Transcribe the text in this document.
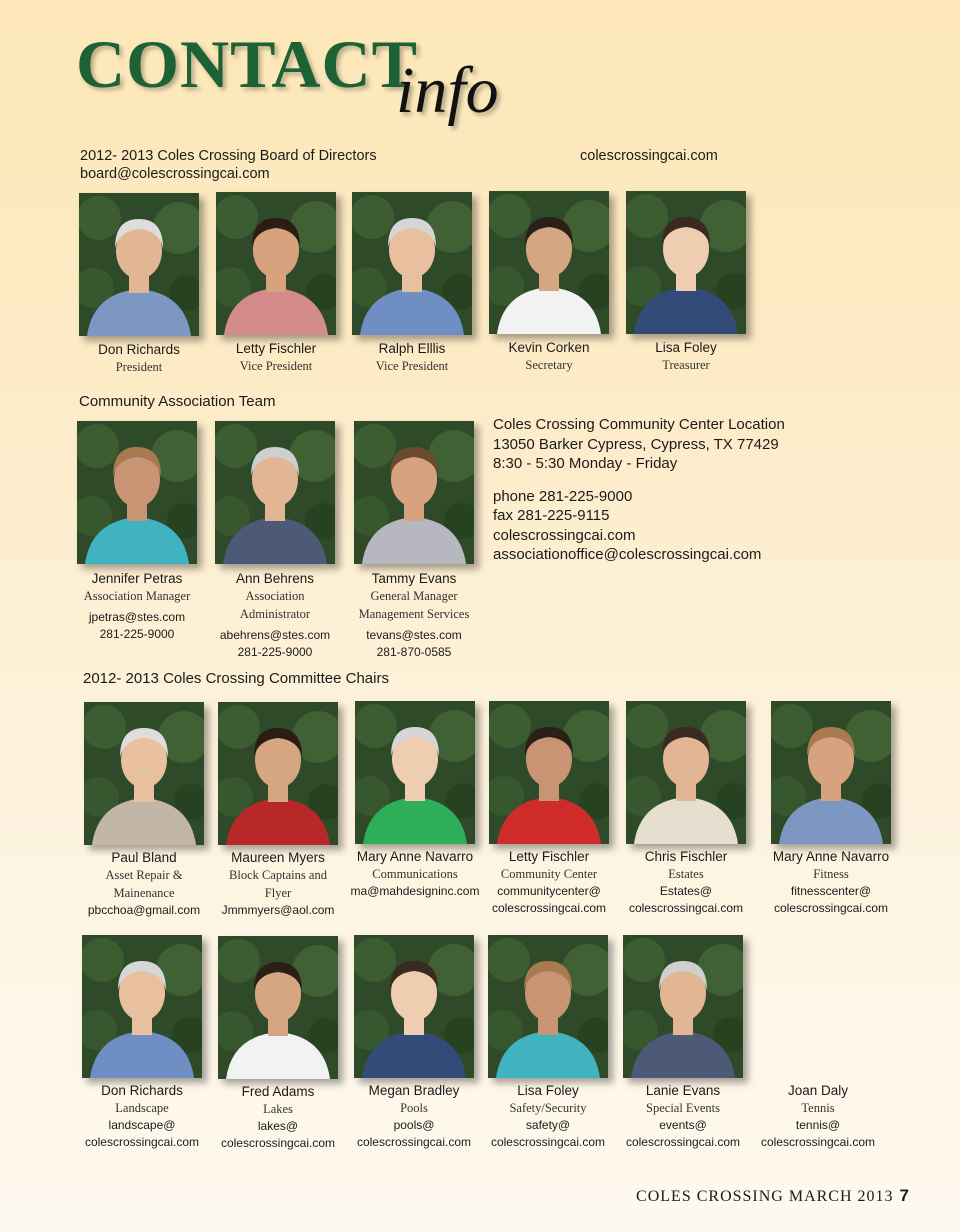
CONTACT
info
2012- 2013 Coles Crossing Board of Directors
board@colescrossingcai.com
colescrossingcai.com
Don Richards
President
Letty Fischler
Vice President
Ralph Elllis
Vice President
Kevin Corken
Secretary
Lisa Foley
Treasurer
Community Association Team
Jennifer Petras
Association Manager
jpetras@stes.com
281-225-9000
Ann Behrens
Association Administrator
abehrens@stes.com
281-225-9000
Tammy Evans
General Manager Management Services
tevans@stes.com
281-870-0585
Coles Crossing Community Center Location
13050 Barker Cypress, Cypress, TX 77429
8:30 - 5:30 Monday - Friday
phone 281-225-9000
fax 281-225-9115
colescrossingcai.com
associationoffice@colescrossingcai.com
2012- 2013 Coles Crossing Committee Chairs
Paul Bland
Asset Repair & Mainenance
pbcchoa@gmail.com
Maureen Myers
Block Captains and Flyer
Jmmmyers@aol.com
Mary Anne Navarro
Communications
ma@mahdesigninc.com
Letty Fischler
Community Center
communitycenter@
colescrossingcai.com
Chris Fischler
Estates
Estates@
colescrossingcai.com
Mary Anne Navarro
Fitness
fitnesscenter@
colescrossingcai.com
Don Richards
Landscape
landscape@
colescrossingcai.com
Fred Adams
Lakes
lakes@
colescrossingcai.com
Megan Bradley
Pools
pools@
colescrossingcai.com
Lisa Foley
Safety/Security
safety@
colescrossingcai.com
Lanie Evans
Special Events
events@
colescrossingcai.com
Joan Daly
Tennis
tennis@
colescrossingcai.com
COLES CROSSING MARCH 2013 7
